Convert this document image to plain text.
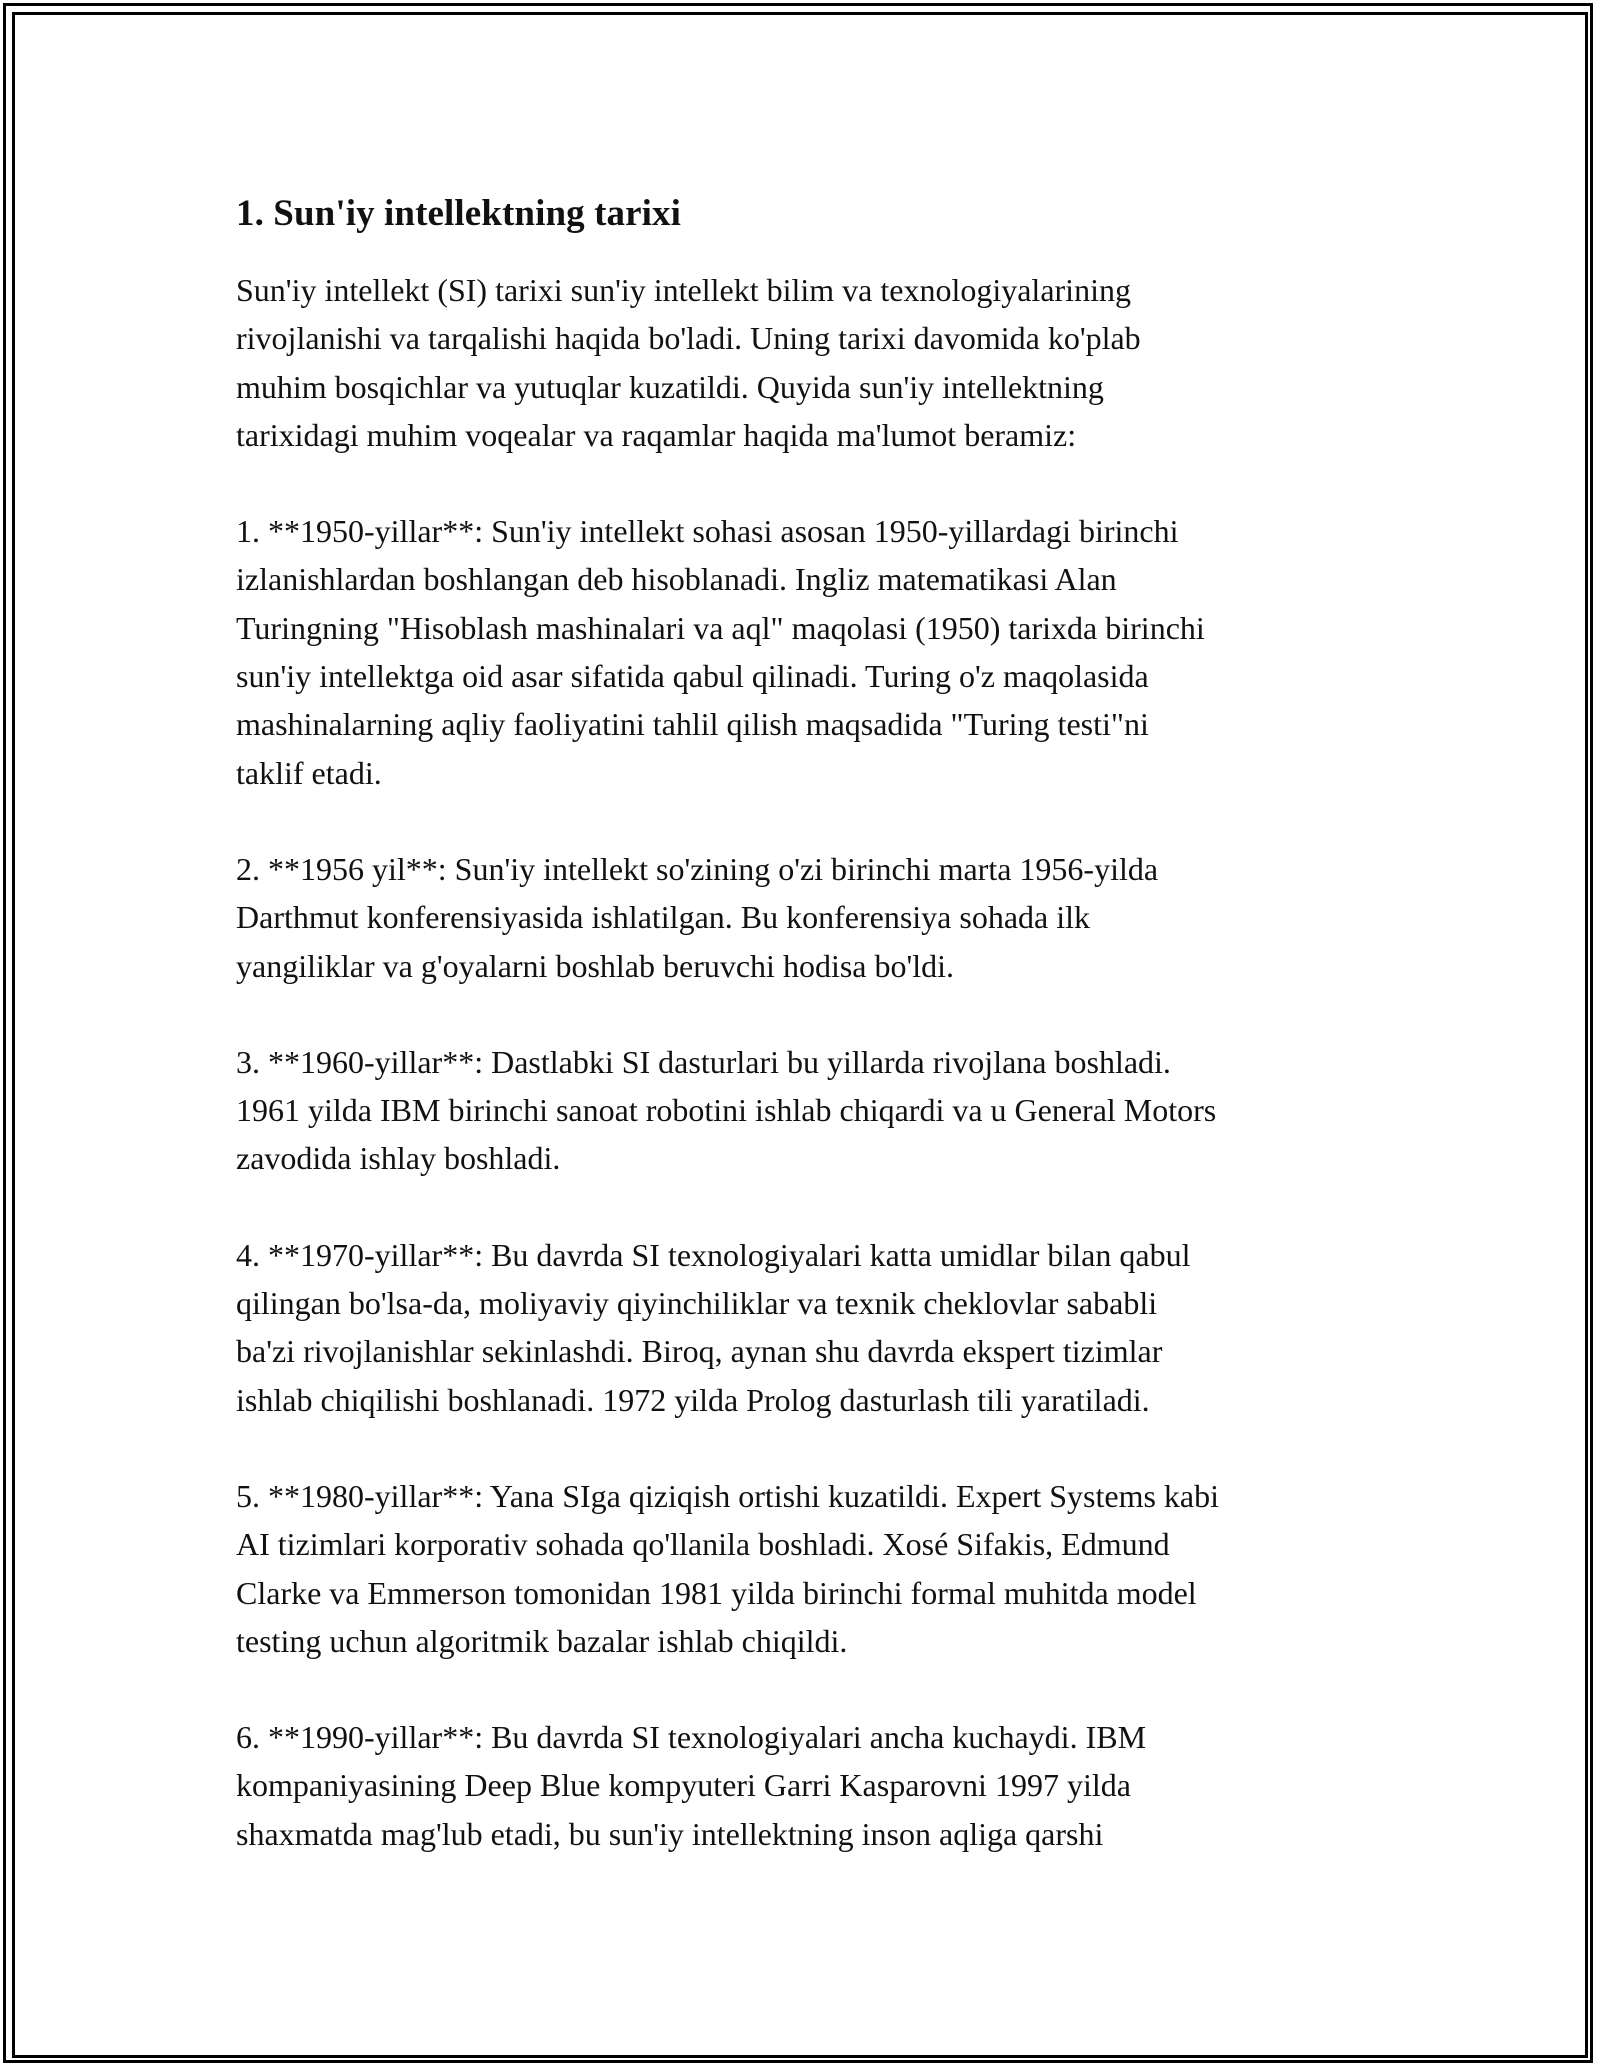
1. Sun'iy intellektning tarixi

Sun'iy intellekt (SI) tarixi sun'iy intellekt bilim va texnologiyalarining
rivojlanishi va tarqalishi haqida bo'ladi. Uning tarixi davomida ko'plab
muhim bosqichlar va yutuqlar kuzatildi. Quyida sun'iy intellektning
tarixidagi muhim voqealar va raqamlar haqida ma'lumot beramiz:

1. **1950-yillar**: Sun'iy intellekt sohasi asosan 1950-yillardagi birinchi
izlanishlardan boshlangan deb hisoblanadi. Ingliz matematikasi Alan
Turingning "Hisoblash mashinalari va aql" maqolasi (1950) tarixda birinchi
sun'iy intellektga oid asar sifatida qabul qilinadi. Turing o'z maqolasida
mashinalarning aqliy faoliyatini tahlil qilish maqsadida "Turing testi"ni
taklif etadi.

2. **1956 yil**: Sun'iy intellekt so'zining o'zi birinchi marta 1956-yilda
Darthmut konferensiyasida ishlatilgan. Bu konferensiya sohada ilk
yangiliklar va g'oyalarni boshlab beruvchi hodisa bo'ldi.

3. **1960-yillar**: Dastlabki SI dasturlari bu yillarda rivojlana boshladi.
1961 yilda IBM birinchi sanoat robotini ishlab chiqardi va u General Motors
zavodida ishlay boshladi.

4. **1970-yillar**: Bu davrda SI texnologiyalari katta umidlar bilan qabul
qilingan bo'lsa-da, moliyaviy qiyinchiliklar va texnik cheklovlar sababli
ba'zi rivojlanishlar sekinlashdi. Biroq, aynan shu davrda ekspert tizimlar
ishlab chiqilishi boshlanadi. 1972 yilda Prolog dasturlash tili yaratiladi.

5. **1980-yillar**: Yana SIga qiziqish ortishi kuzatildi. Expert Systems kabi
AI tizimlari korporativ sohada qo'llanila boshladi. Xosé Sifakis, Edmund
Clarke va Emmerson tomonidan 1981 yilda birinchi formal muhitda model
testing uchun algoritmik bazalar ishlab chiqildi.

6. **1990-yillar**: Bu davrda SI texnologiyalari ancha kuchaydi. IBM
kompaniyasining Deep Blue kompyuteri Garri Kasparovni 1997 yilda
shaxmatda mag'lub etadi, bu sun'iy intellektning inson aqliga qarshi
